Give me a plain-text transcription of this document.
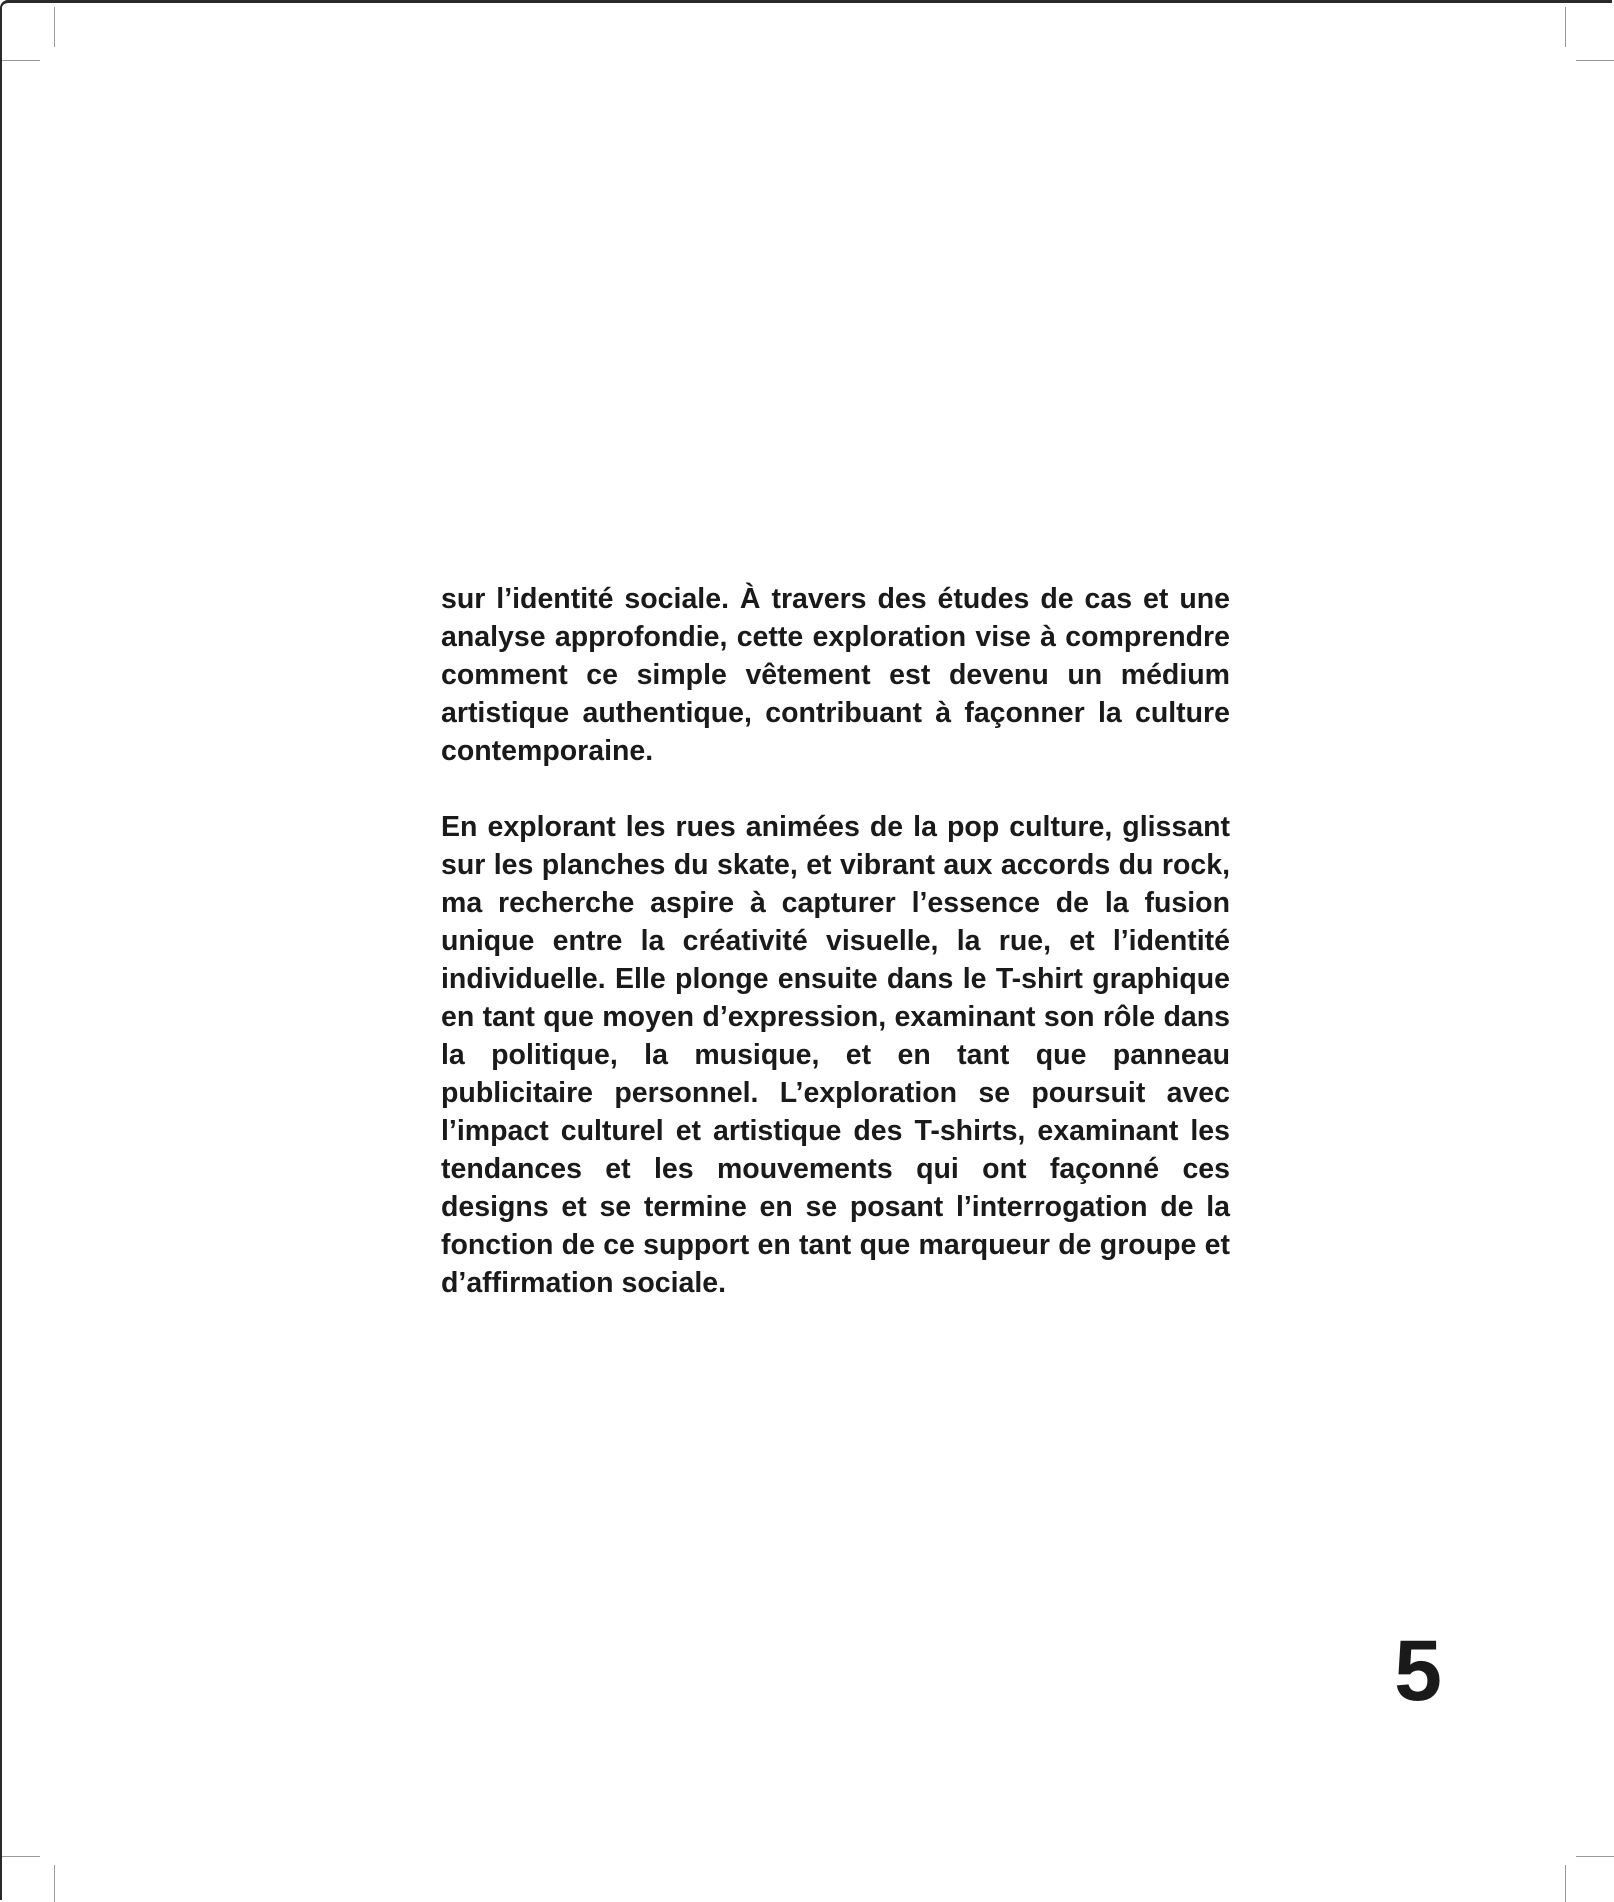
sur l’identité sociale. À travers des études de cas et une analyse approfondie, cette exploration vise à comprendre comment ce simple vêtement est devenu un médium artistique authentique, contribuant à façonner la culture contemporaine.

En explorant les rues animées de la pop culture, glissant sur les planches du skate, et vibrant aux accords du rock, ma recherche aspire à capturer l’essence de la fusion unique entre la créativité visuelle, la rue, et l’identité individuelle. Elle plonge ensuite dans le T-shirt graphique en tant que moyen d’expression, examinant son rôle dans la politique, la musique, et en tant que panneau publicitaire personnel. L’exploration se poursuit avec l’impact culturel et artistique des T-shirts, examinant les tendances et les mouvements qui ont façonné ces designs et se termine en se posant l’interrogation de la fonction de ce support en tant que marqueur de groupe et d’affirmation sociale.

5
